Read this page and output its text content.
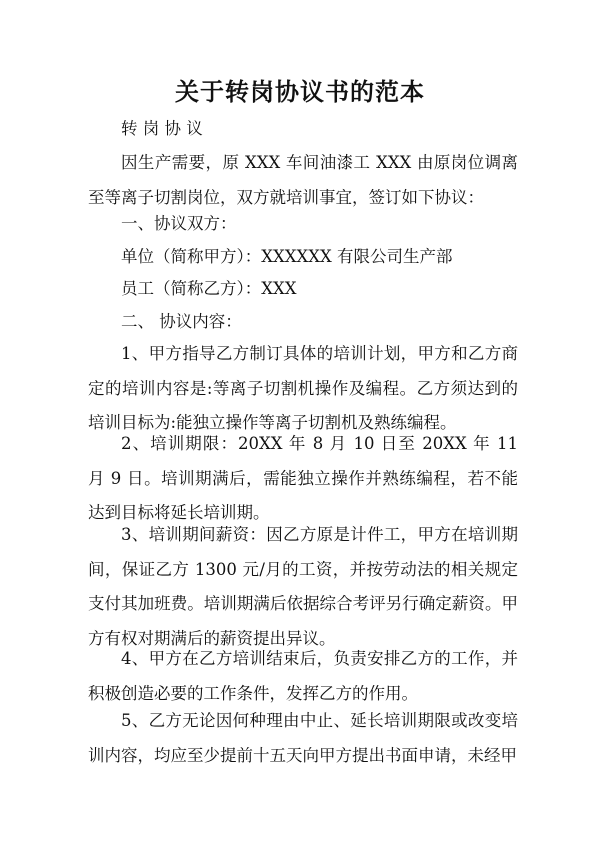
关于转岗协议书的范本

转 岗 协 议

因生产需要，原 XXX 车间油漆工 XXX 由原岗位调离至等离子切割岗位，双方就培训事宜，签订如下协议：

一、协议双方：

单位（简称甲方）：XXXXXX 有限公司生产部

员工（简称乙方）：XXX

二、 协议内容：

1、甲方指导乙方制订具体的培训计划，甲方和乙方商定的培训内容是:等离子切割机操作及编程。乙方须达到的培训目标为:能独立操作等离子切割机及熟练编程。

2、培训期限：20XX 年 8 月 10 日至 20XX 年 11 月 9 日。培训期满后，需能独立操作并熟练编程，若不能达到目标将延长培训期。

3、培训期间薪资：因乙方原是计件工，甲方在培训期间，保证乙方 1300 元/月的工资，并按劳动法的相关规定支付其加班费。培训期满后依据综合考评另行确定薪资。甲方有权对期满后的薪资提出异议。

4、甲方在乙方培训结束后，负责安排乙方的工作，并积极创造必要的工作条件，发挥乙方的作用。

5、乙方无论因何种理由中止、延长培训期限或改变培训内容，均应至少提前十五天向甲方提出书面申请，未经甲
